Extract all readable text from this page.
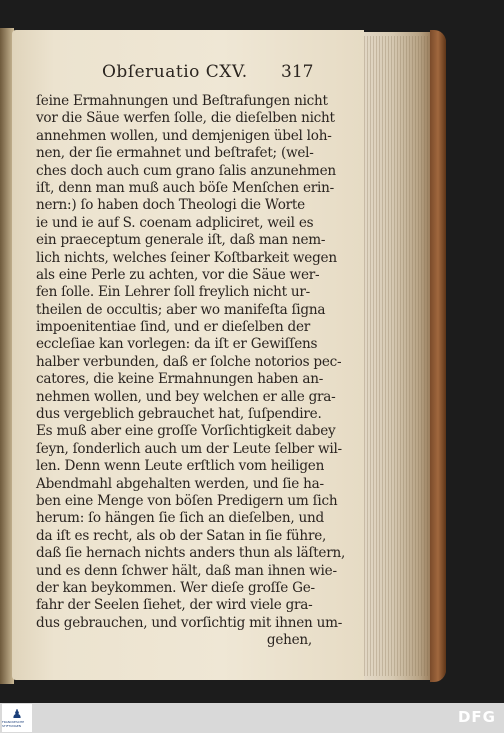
Obſeruatio CXV. 317
ſeine Ermahnungen und Beſtrafungen nicht
vor die Säue werfen ſolle, die dieſelben nicht
annehmen wollen, und demjenigen übel loh-
nen, der ſie ermahnet und beſtrafet; (wel-
ches doch auch cum grano ſalis anzunehmen
iſt, denn man muß auch böſe Menſchen erin-
nern:) ſo haben doch Theologi die Worte
ie und ie auf S. coenam adpliciret, weil es
ein praeceptum generale iſt, daß man nem-
lich nichts, welches ſeiner Koſtbarkeit wegen
als eine Perle zu achten, vor die Säue wer-
fen ſolle. Ein Lehrer ſoll freylich nicht ur-
theilen de occultis; aber wo manifeſta ſigna
impoenitentiae ſind, und er dieſelben der
eccleſiae kan vorlegen: da iſt er Gewiſſens
halber verbunden, daß er ſolche notorios pec-
catores, die keine Ermahnungen haben an-
nehmen wollen, und bey welchen er alle gra-
dus vergeblich gebrauchet hat, ſuſpendire.
Es muß aber eine groſſe Vorſichtigkeit dabey
ſeyn, ſonderlich auch um der Leute ſelber wil-
len. Denn wenn Leute erſtlich vom heiligen
Abendmahl abgehalten werden, und ſie ha-
ben eine Menge von böſen Predigern um ſich
herum: ſo hängen ſie ſich an dieſelben, und
da iſt es recht, als ob der Satan in ſie führe,
daß ſie hernach nichts anders thun als läſtern,
und es denn ſchwer hält, daß man ihnen wie-
der kan beykommen. Wer dieſe groſſe Ge-
fahr der Seelen ſiehet, der wird viele gra-
dus gebrauchen, und vorſichtig mit ihnen um-
gehen,
♟
FRANCKESCHE STIFTUNGEN	DFG
